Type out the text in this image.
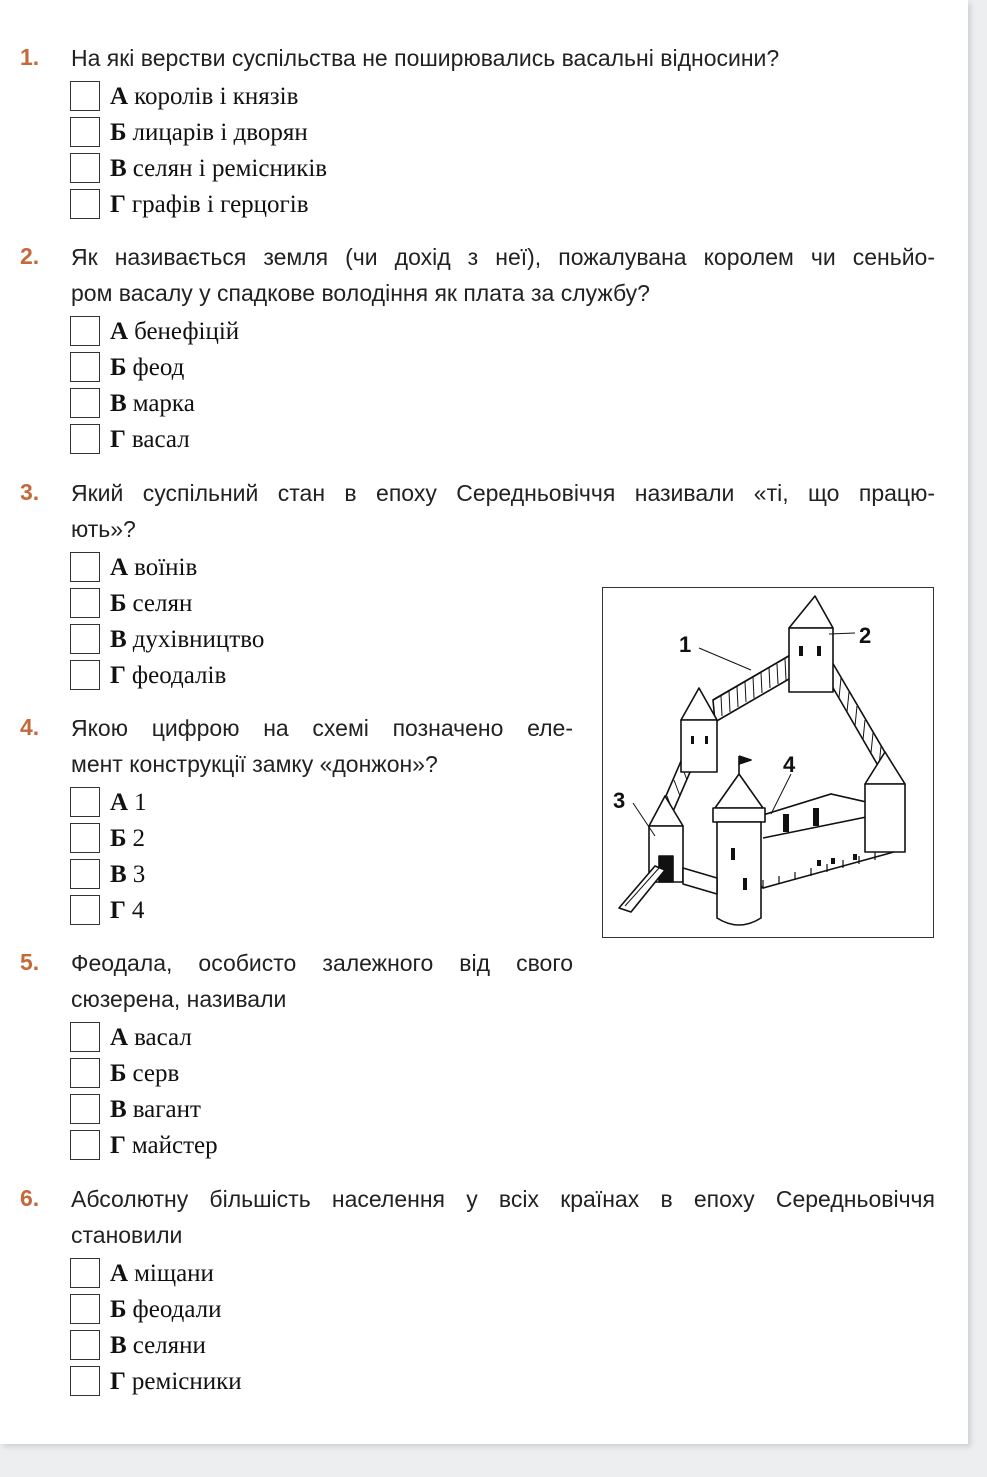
1. На які верстви суспільства не поширювались васальні відносини?
А королів і князів
Б лицарів і дворян
В селян і ремісників
Г графів і герцогів
2. Як називається земля (чи дохід з неї), пожалувана королем чи сеньйо-
ром васалу у спадкове володіння як плата за службу?
А бенефіцій
Б феод
В марка
Г васал
3. Який суспільний стан в епоху Середньовіччя називали «ті, що працю-
ють»?
А воїнів
Б селян
В духівництво
Г феодалів
4. Якою цифрою на схемі позначено еле-
мент конструкції замку «донжон»?
А 1
Б 2
В 3
Г 4
5. Феодала, особисто залежного від свого
сюзерена, називали
А васал
Б серв
В вагант
Г майстер
6. Абсолютну більшість населення у всіх країнах в епоху Середньовіччя
становили
А міщани
Б феодали
В селяни
Г ремісники
1	2
3
4
